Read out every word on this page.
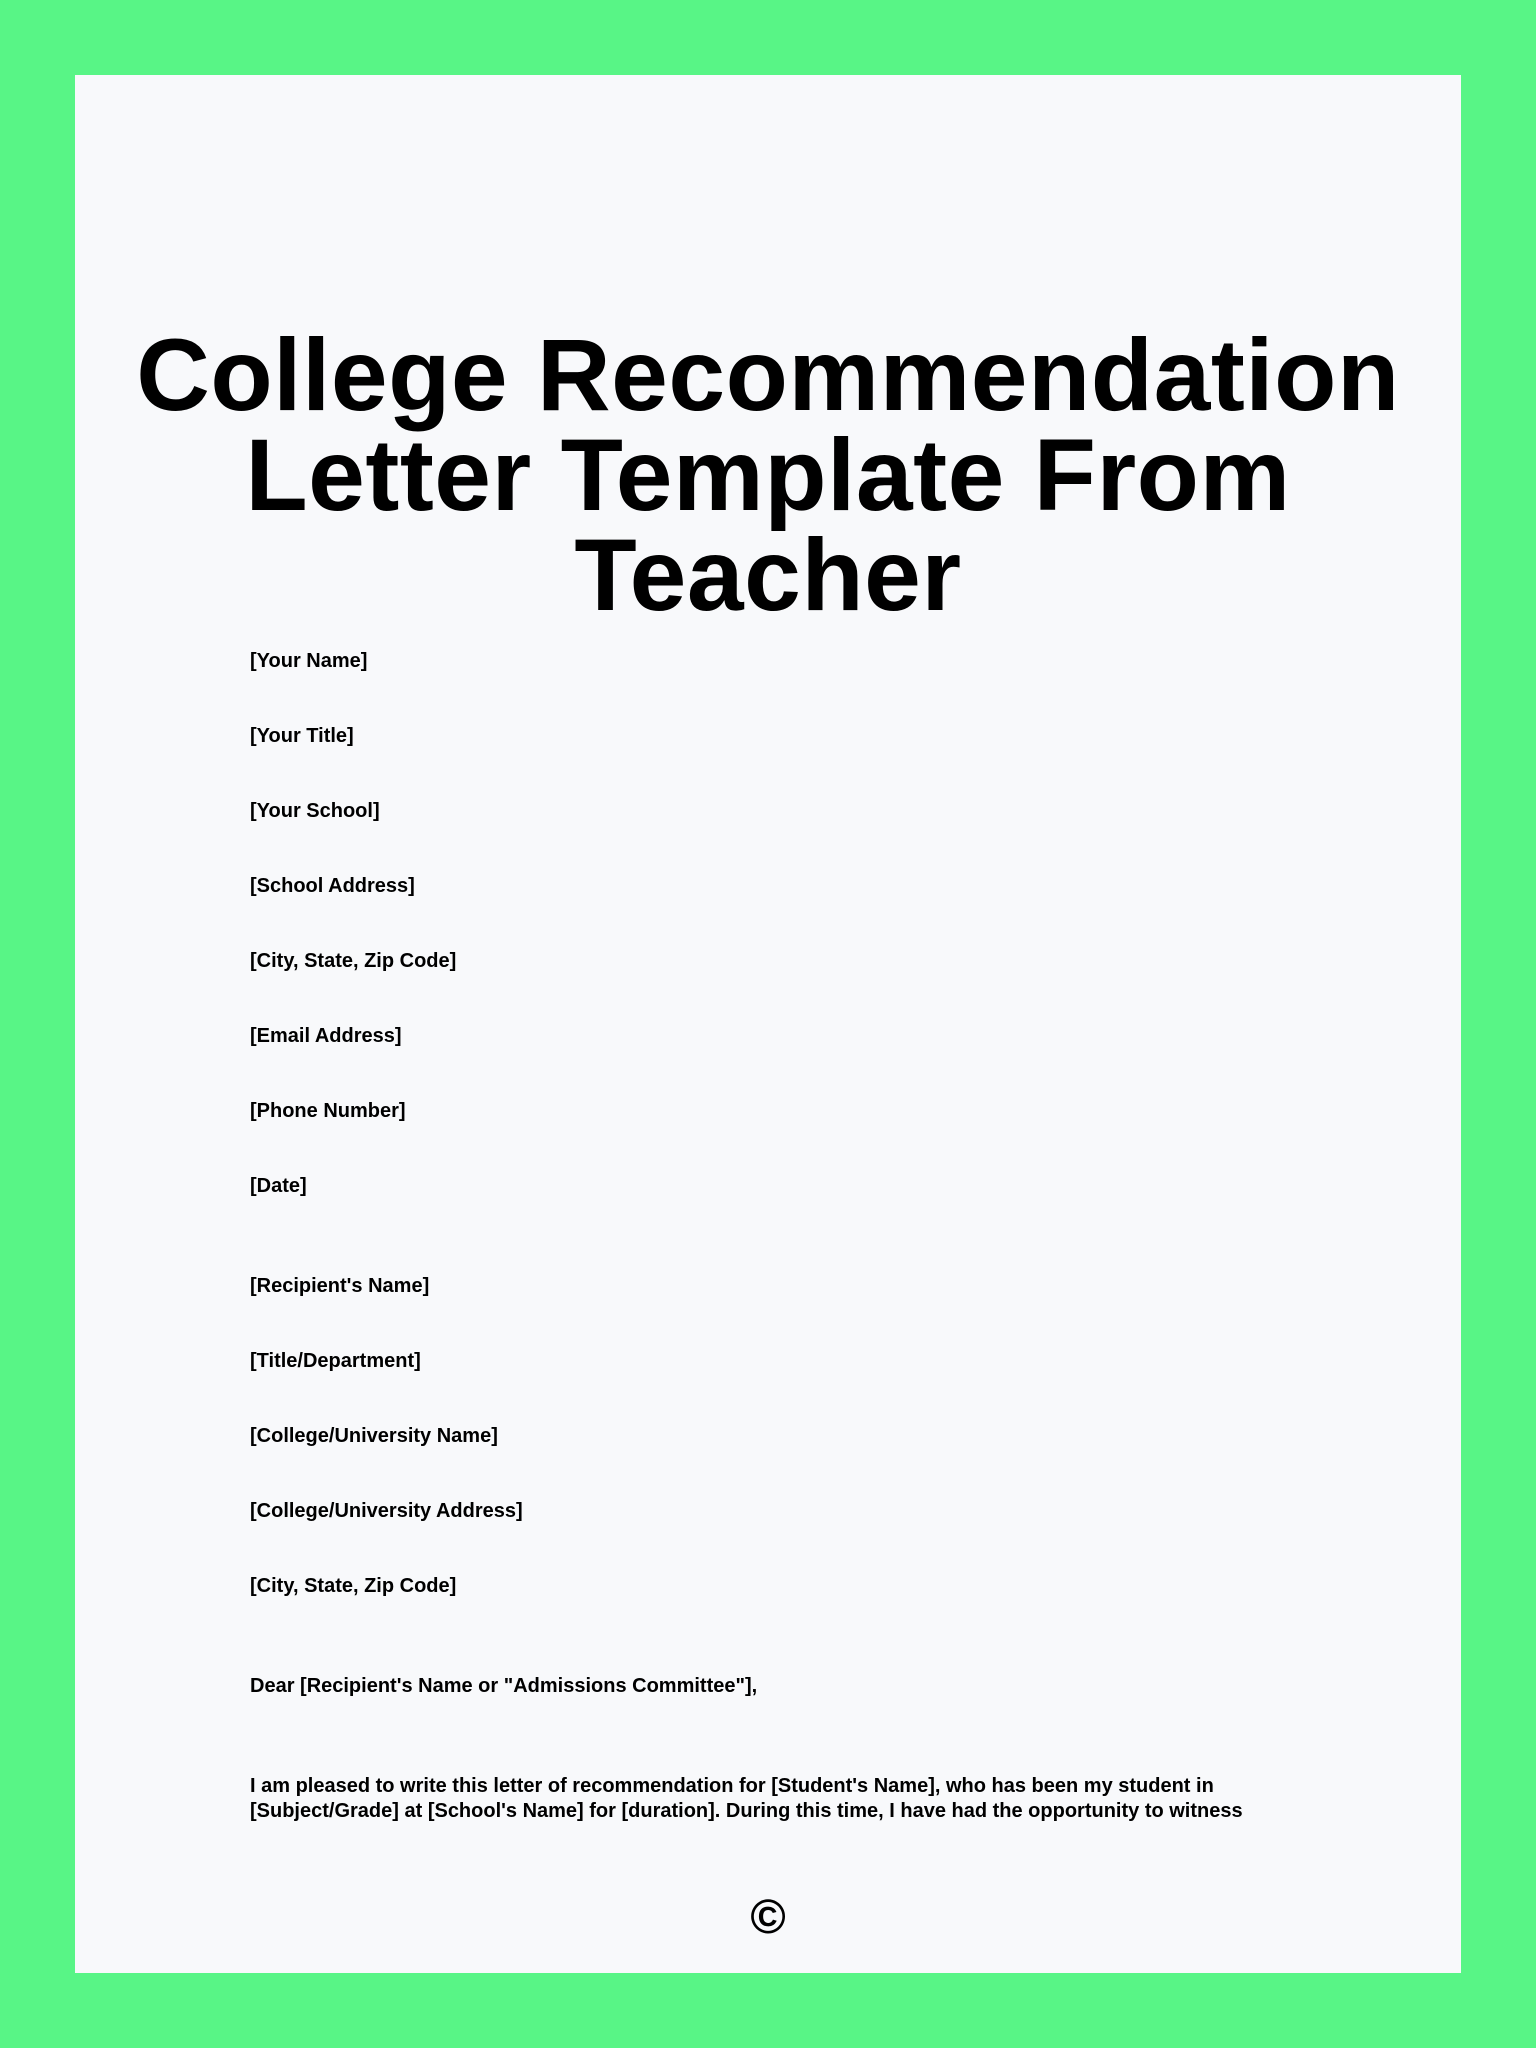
College Recommendation
Letter Template From
Teacher

[Your Name]

[Your Title]

[Your School]

[School Address]

[City, State, Zip Code]

[Email Address]

[Phone Number]

[Date]

[Recipient's Name]

[Title/Department]

[College/University Name]

[College/University Address]

[City, State, Zip Code]

Dear [Recipient's Name or "Admissions Committee"],

I am pleased to write this letter of recommendation for [Student's Name], who has been my student in

[Subject/Grade] at [School's Name] for [duration]. During this time, I have had the opportunity to witness

©
